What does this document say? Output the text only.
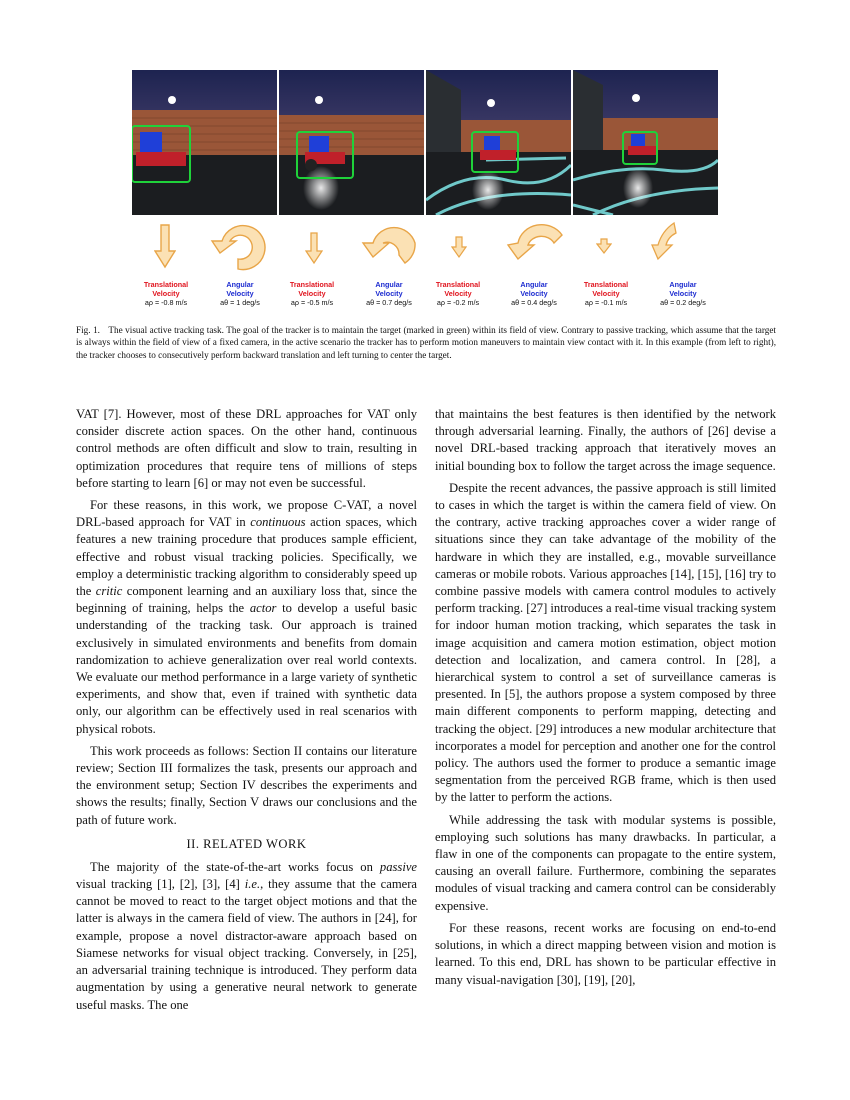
Translational
Velocity
aρ = -0.8 m/s
Angular
Velocity
aθ = 1 deg/s
Translational
Velocity
aρ = -0.5 m/s
Angular
Velocity
aθ = 0.7 deg/s
Translational
Velocity
aρ = -0.2 m/s
Angular
Velocity
aθ = 0.4 deg/s
Translational
Velocity
aρ = -0.1 m/s
Angular
Velocity
aθ = 0.2 deg/s
Fig. 1. The visual active tracking task. The goal of the tracker is to maintain the target (marked in green) within its field of view. Contrary to passive tracking, which assume that the target is always within the field of view of a fixed camera, in the active scenario the tracker has to perform motion maneuvers to maintain view contact with it. In this example (from left to right), the tracker chooses to consecutively perform backward translation and left turning to center the target.

VAT [7]. However, most of these DRL approaches for VAT only consider discrete action spaces. On the other hand, continuous control methods are often difficult and slow to train, resulting in optimization procedures that require tens of millions of steps before starting to learn [6] or may not even be successful.

For these reasons, in this work, we propose C-VAT, a novel DRL-based approach for VAT in continuous action spaces, which features a new training procedure that produces sample efficient, effective and robust visual tracking policies. Specifically, we employ a deterministic tracking algorithm to considerably speed up the critic component learning and an auxiliary loss that, since the beginning of training, helps the actor to develop a useful basic understanding of the tracking task. Our approach is trained exclusively in simulated environments and benefits from domain randomization to achieve generalization over real world contexts. We evaluate our method performance in a large variety of synthetic experiments, and show that, even if trained with synthetic data only, our algorithm can be effectively used in real scenarios with physical robots.

This work proceeds as follows: Section II contains our literature review; Section III formalizes the task, presents our approach and the environment setup; Section IV describes the experiments and shows the results; finally, Section V draws our conclusions and the path of future work.

II. RELATED WORK

The majority of the state-of-the-art works focus on passive visual tracking [1], [2], [3], [4] i.e., they assume that the camera cannot be moved to react to the target object motions and that the latter is always in the camera field of view. The authors in [24], for example, propose a novel distractor-aware approach based on Siamese networks for visual object tracking. Conversely, in [25], an adversarial training technique is introduced. They perform data augmentation by using a generative neural network to generate useful masks. The one

that maintains the best features is then identified by the network through adversarial learning. Finally, the authors of [26] devise a novel DRL-based tracking approach that iteratively moves an initial bounding box to follow the target across the image sequence.

Despite the recent advances, the passive approach is still limited to cases in which the target is within the camera field of view. On the contrary, active tracking approaches cover a wider range of situations since they can take advantage of the mobility of the hardware in which they are installed, e.g., movable surveillance cameras or mobile robots. Various approaches [14], [15], [16] try to combine passive models with camera control modules to actively perform tracking. [27] introduces a real-time visual tracking system for indoor human motion tracking, which separates the task in image acquisition and camera motion estimation, object motion detection and localization, and camera control. In [28], a hierarchical system to control a set of surveillance cameras is presented. In [5], the authors propose a system composed by three main different components to perform mapping, detecting and tracking the object. [29] introduces a new modular architecture that incorporates a model for perception and another one for the control policy. The authors used the former to produce a semantic image segmentation from the perceived RGB frame, which is then used by the latter to perform the actions.

While addressing the task with modular systems is possible, employing such solutions has many drawbacks. In particular, a flaw in one of the components can propagate to the entire system, causing an overall failure. Furthermore, combining the separates modules of visual tracking and camera control can be considerably expensive.

For these reasons, recent works are focusing on end-to-end solutions, in which a direct mapping between vision and motion is learned. To this end, DRL has shown to be particular effective in many visual-navigation [30], [19], [20],
